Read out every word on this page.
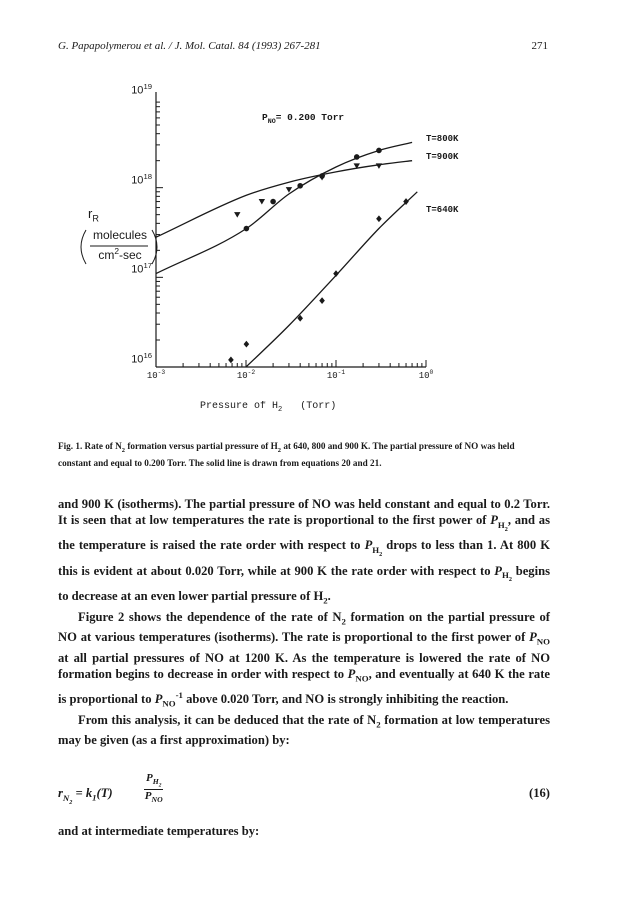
G. Papapolymerou et al. / J. Mol. Catal. 84 (1993) 267-281	271
$10^{16}$
$10^{17}$
$10^{18}$
$10^{19}$
$10^{-3}$	$10^{-2}$	$10^{-1}$	$10^0$
T=800K
T=900K
T=640K
$P_{NO}= 0.200$ Torr
Pressure of $H_2$   (Torr)
$r_R$
molecules
$cm^2-\sec$
Fig. 1. Rate of $N_2$ formation versus partial pressure of $H_2$ at 640, 800 and 900 K. The partial pressure of NO was held constant and equal to 0.200 Torr. The solid line is drawn from equations 20 and 21.

and 900 K (isotherms). The partial pressure of NO was held constant and equal to 0.2 Torr. It is seen that at low temperatures the rate is proportional to the first power of $P_{H_2}$, and as the temperature is raised the rate order with respect to $P_{H_2}$ drops to less than 1. At 800 K this is evident at about 0.020 Torr, while at 900 K the rate order with respect to $P_{H_2}$ begins to decrease at an even lower partial pressure of $H_2$.

Figure 2 shows the dependence of the rate of $N_2$ formation on the partial pressure of NO at various temperatures (isotherms). The rate is proportional to the first power of $P_{NO}$ at all partial pressures of NO at 1200 K. As the temperature is lowered the rate of NO formation begins to decrease in order with respect to $P_{NO}$, and eventually at 640 K the rate is proportional to $P_{NO}^{-1}$ above 0.020 Torr, and NO is strongly inhibiting the reaction.

From this analysis, it can be deduced that the rate of $N_2$ formation at low temperatures may be given (as a first approximation) by:

$r_{N_2} = k_1(T)$
$P_{H_2}$
$P_{NO}$	(16)
and at intermediate temperatures by:
